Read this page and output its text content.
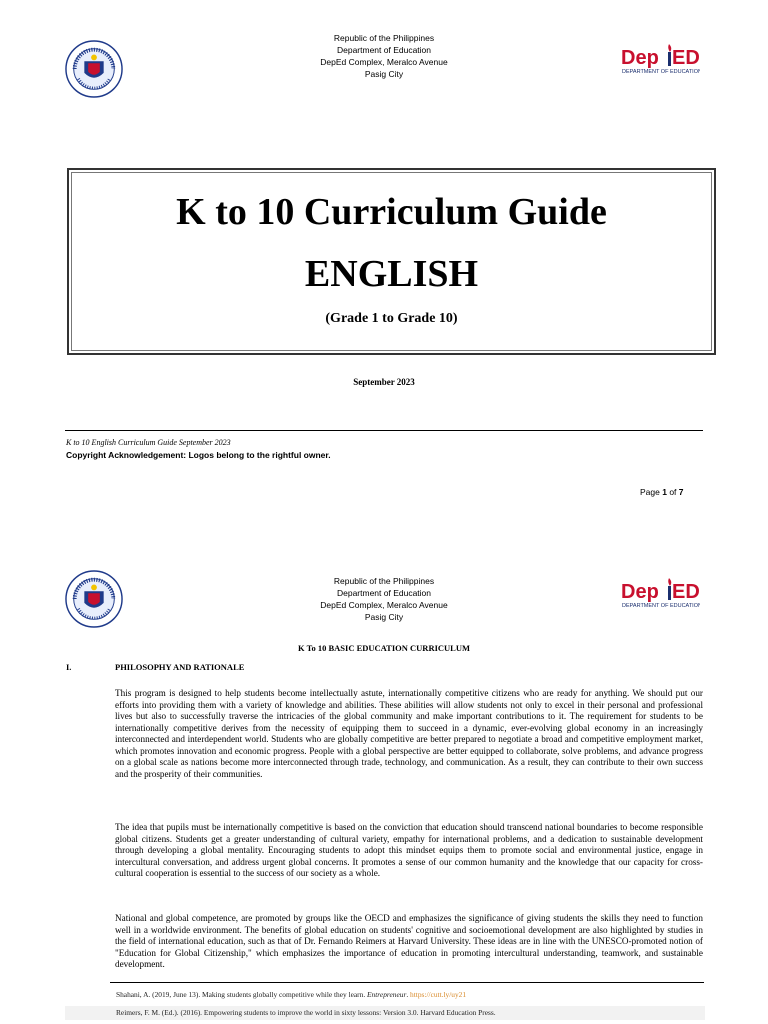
Republic of the Philippines
Department of Education
DepEd Complex, Meralco Avenue
Pasig City
Dep ED
DEPARTMENT OF EDUCATION
K to 10 Curriculum Guide
ENGLISH
(Grade 1 to Grade 10)
September 2023
K to 10 English Curriculum Guide September 2023
Copyright Acknowledgement: Logos belong to the rightful owner.
Page 1 of 7
Republic of the Philippines
Department of Education
DepEd Complex, Meralco Avenue
Pasig City
Dep ED
DEPARTMENT OF EDUCATION
K To 10 BASIC EDUCATION CURRICULUM
I.	PHILOSOPHY AND RATIONALE
This program is designed to help students become intellectually astute, internationally competitive citizens who are ready for anything. We should put our efforts into providing them with a variety of knowledge and abilities. These abilities will allow students not only to excel in their personal and professional lives but also to successfully traverse the intricacies of the global community and make important contributions to it. The requirement for students to be internationally competitive derives from the necessity of equipping them to succeed in a dynamic, ever-evolving global economy in an increasingly interconnected and interdependent world. Students who are globally competitive are better prepared to negotiate a broad and competitive employment market, which promotes innovation and economic progress. People with a global perspective are better equipped to collaborate, solve problems, and advance progress on a global scale as nations become more interconnected through trade, technology, and communication. As a result, they can contribute to their own success and the prosperity of their communities.
The idea that pupils must be internationally competitive is based on the conviction that education should transcend national boundaries to become responsible global citizens. Students get a greater understanding of cultural variety, empathy for international problems, and a dedication to sustainable development through developing a global mentality. Encouraging students to adopt this mindset equips them to promote social and environmental justice, engage in intercultural conversation, and address urgent global concerns. It promotes a sense of our common humanity and the knowledge that our capacity for cross-cultural cooperation is essential to the success of our society as a whole.
National and global competence, are promoted by groups like the OECD and emphasizes the significance of giving students the skills they need to function well in a worldwide environment. The benefits of global education on students' cognitive and socioemotional development are also highlighted by studies in the field of international education, such as that of Dr. Fernando Reimers at Harvard University. These ideas are in line with the UNESCO-promoted notion of "Education for Global Citizenship," which emphasizes the importance of education in promoting intercultural understanding, teamwork, and sustainable development.
Shahani, A. (2019, June 13). Making students globally competitive while they learn. Entrepreneur. https://cutt.ly/uy21
Reimers, F. M. (Ed.). (2016). Empowering students to improve the world in sixty lessons: Version 3.0. Harvard Education Press.
